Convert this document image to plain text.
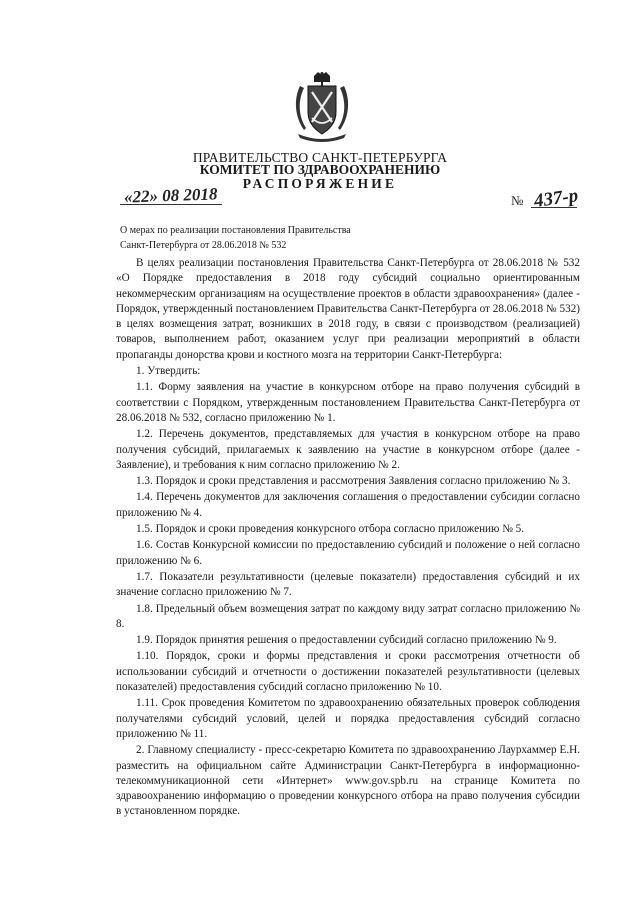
ПРАВИТЕЛЬСТВО САНКТ-ПЕТЕРБУРГА
КОМИТЕТ ПО ЗДРАВООХРАНЕНИЮ
РАСПОРЯЖЕНИЕ
«22» 08 2018	№ 437-р
О мерах по реализации постановления Правительства
Санкт-Петербурга от 28.06.2018 № 532

В целях реализации постановления Правительства Санкт-Петербурга от 28.06.2018 № 532 «О Порядке предоставления в 2018 году субсидий социально ориентированным некоммерческим организациям на осуществление проектов в области здравоохранения» (далее - Порядок, утвержденный постановлением Правительства Санкт-Петербурга от 28.06.2018 № 532) в целях возмещения затрат, возникших в 2018 году, в связи с производством (реализацией) товаров, выполнением работ, оказанием услуг при реализации мероприятий в области пропаганды донорства крови и костного мозга на территории Санкт-Петербурга:

1. Утвердить:

1.1. Форму заявления на участие в конкурсном отборе на право получения субсидий в соответствии с Порядком, утвержденным постановлением Правительства Санкт-Петербурга от 28.06.2018 № 532, согласно приложению № 1.

1.2. Перечень документов, представляемых для участия в конкурсном отборе на право получения субсидий, прилагаемых к заявлению на участие в конкурсном отборе (далее - Заявление), и требования к ним согласно приложению № 2.

1.3. Порядок и сроки представления и рассмотрения Заявления согласно приложению № 3.

1.4. Перечень документов для заключения соглашения о предоставлении субсидии согласно приложению № 4.

1.5. Порядок и сроки проведения конкурсного отбора согласно приложению № 5.

1.6. Состав Конкурсной комиссии по предоставлению субсидий и положение о ней согласно приложению № 6.

1.7. Показатели результативности (целевые показатели) предоставления субсидий и их значение согласно приложению № 7.

1.8. Предельный объем возмещения затрат по каждому виду затрат согласно приложению № 8.

1.9. Порядок принятия решения о предоставлении субсидий согласно приложению № 9.

1.10. Порядок, сроки и формы представления и сроки рассмотрения отчетности об использовании субсидий и отчетности о достижении показателей результативности (целевых показателей) предоставления субсидий согласно приложению № 10.

1.11. Срок проведения Комитетом по здравоохранению обязательных проверок соблюдения получателями субсидий условий, целей и порядка предоставления субсидий согласно приложению № 11.

2. Главному специалисту - пресс-секретарю Комитета по здравоохранению Лаурхаммер Е.Н. разместить на официальном сайте Администрации Санкт-Петербурга в информационно-телекоммуникационной сети «Интернет» www.gov.spb.ru на странице Комитета по здравоохранению информацию о проведении конкурсного отбора на право получения субсидии в установленном порядке.
